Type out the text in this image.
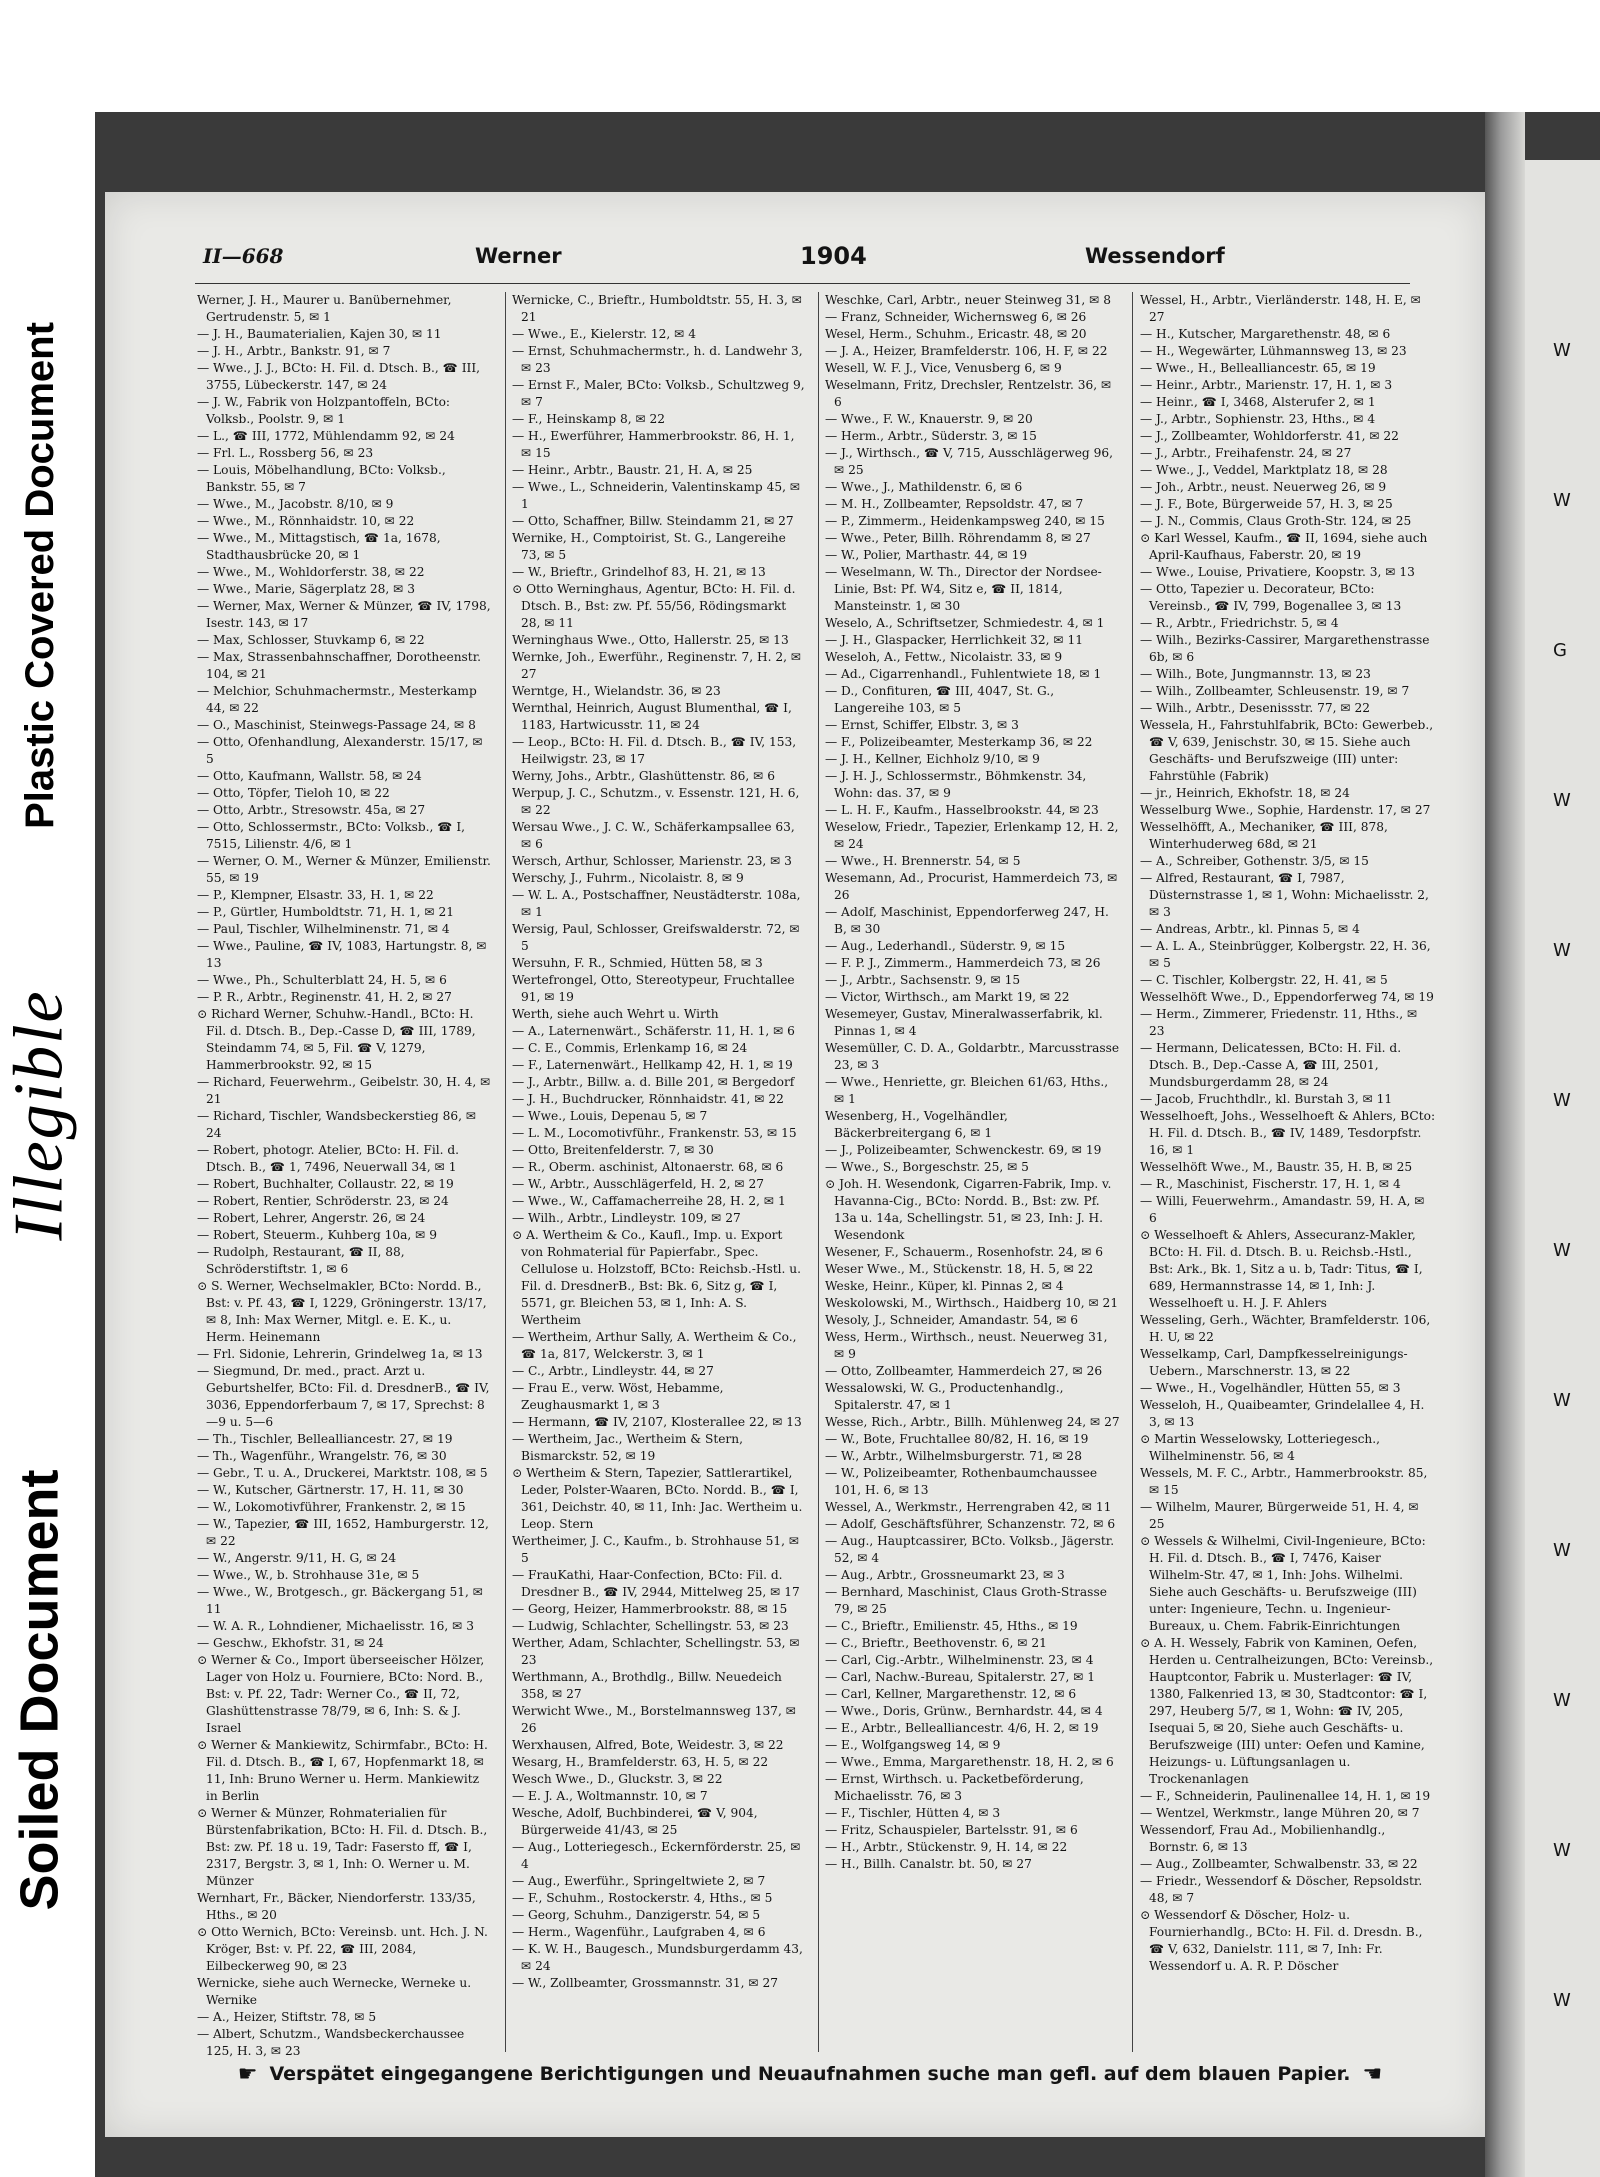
Plastic Covered Document
Illegible
Soiled Document
W
W
G
W
W
W
W
W
W
W
W
W
II—668	Werner	1904	Wessendorf

Werner, J. H., Maurer u. Banübernehmer, Gertrudenstr. 5, ✉ 1

— J. H., Baumaterialien, Kajen 30, ✉ 11

— J. H., Arbtr., Bankstr. 91, ✉ 7

— Wwe., J. J., BCto: H. Fil. d. Dtsch. B., ☎ III, 3755, Lübeckerstr. 147, ✉ 24

— J. W., Fabrik von Holzpantoffeln, BCto: Volksb., Poolstr. 9, ✉ 1

— L., ☎ III, 1772, Mühlendamm 92, ✉ 24

— Frl. L., Rossberg 56, ✉ 23

— Louis, Möbelhandlung, BCto: Volksb., Bankstr. 55, ✉ 7

— Wwe., M., Jacobstr. 8/10, ✉ 9

— Wwe., M., Rönnhaidstr. 10, ✉ 22

— Wwe., M., Mittagstisch, ☎ 1a, 1678, Stadthausbrücke 20, ✉ 1

— Wwe., M., Wohldorferstr. 38, ✉ 22

— Wwe., Marie, Sägerplatz 28, ✉ 3

— Werner, Max, Werner & Münzer, ☎ IV, 1798, Isestr. 143, ✉ 17

— Max, Schlosser, Stuvkamp 6, ✉ 22

— Max, Strassenbahnschaffner, Dorotheenstr. 104, ✉ 21

— Melchior, Schuhmachermstr., Mesterkamp 44, ✉ 22

— O., Maschinist, Steinwegs-Passage 24, ✉ 8

— Otto, Ofenhandlung, Alexanderstr. 15/17, ✉ 5

— Otto, Kaufmann, Wallstr. 58, ✉ 24

— Otto, Töpfer, Tieloh 10, ✉ 22

— Otto, Arbtr., Stresowstr. 45a, ✉ 27

— Otto, Schlossermstr., BCto: Volksb., ☎ I, 7515, Lilienstr. 4/6, ✉ 1

— Werner, O. M., Werner & Münzer, Emilienstr. 55, ✉ 19

— P., Klempner, Elsastr. 33, H. 1, ✉ 22

— P., Gürtler, Humboldtstr. 71, H. 1, ✉ 21

— Paul, Tischler, Wilhelminenstr. 71, ✉ 4

— Wwe., Pauline, ☎ IV, 1083, Hartungstr. 8, ✉ 13

— Wwe., Ph., Schulterblatt 24, H. 5, ✉ 6

— P. R., Arbtr., Reginenstr. 41, H. 2, ✉ 27

⊙ Richard Werner, Schuhw.-Handl., BCto: H. Fil. d. Dtsch. B., Dep.-Casse D, ☎ III, 1789, Steindamm 74, ✉ 5, Fil. ☎ V, 1279, Hammerbrookstr. 92, ✉ 15

— Richard, Feuerwehrm., Geibelstr. 30, H. 4, ✉ 21

— Richard, Tischler, Wandsbeckerstieg 86, ✉ 24

— Robert, photogr. Atelier, BCto: H. Fil. d. Dtsch. B., ☎ 1, 7496, Neuerwall 34, ✉ 1

— Robert, Buchhalter, Collaustr. 22, ✉ 19

— Robert, Rentier, Schröderstr. 23, ✉ 24

— Robert, Lehrer, Angerstr. 26, ✉ 24

— Robert, Steuerm., Kuhberg 10a, ✉ 9

— Rudolph, Restaurant, ☎ II, 88, Schröderstiftstr. 1, ✉ 6

⊙ S. Werner, Wechselmakler, BCto: Nordd. B., Bst: v. Pf. 43, ☎ I, 1229, Gröningerstr. 13/17, ✉ 8, Inh: Max Werner, Mitgl. e. E. K., u. Herm. Heinemann

— Frl. Sidonie, Lehrerin, Grindelweg 1a, ✉ 13

— Siegmund, Dr. med., pract. Arzt u. Geburtshelfer, BCto: Fil. d. DresdnerB., ☎ IV, 3036, Eppendorferbaum 7, ✉ 17, Sprechst: 8—9 u. 5—6

— Th., Tischler, Bellealliancestr. 27, ✉ 19

— Th., Wagenführ., Wrangelstr. 76, ✉ 30

— Gebr., T. u. A., Druckerei, Marktstr. 108, ✉ 5

— W., Kutscher, Gärtnerstr. 17, H. 11, ✉ 30

— W., Lokomotivführer, Frankenstr. 2, ✉ 15

— W., Tapezier, ☎ III, 1652, Hamburgerstr. 12, ✉ 22

— W., Angerstr. 9/11, H. G, ✉ 24

— Wwe., W., b. Strohhause 31e, ✉ 5

— Wwe., W., Brotgesch., gr. Bäckergang 51, ✉ 11

— W. A. R., Lohndiener, Michaelisstr. 16, ✉ 3

— Geschw., Ekhofstr. 31, ✉ 24

⊙ Werner & Co., Import überseeischer Hölzer, Lager von Holz u. Fourniere, BCto: Nord. B., Bst: v. Pf. 22, Tadr: Werner Co., ☎ II, 72, Glashüttenstrasse 78/79, ✉ 6, Inh: S. & J. Israel

⊙ Werner & Mankiewitz, Schirmfabr., BCto: H. Fil. d. Dtsch. B., ☎ I, 67, Hopfenmarkt 18, ✉ 11, Inh: Bruno Werner u. Herm. Mankiewitz in Berlin

⊙ Werner & Münzer, Rohmaterialien für Bürstenfabrikation, BCto: H. Fil. d. Dtsch. B., Bst: zw. Pf. 18 u. 19, Tadr: Fasersto ff, ☎ I, 2317, Bergstr. 3, ✉ 1, Inh: O. Werner u. M. Münzer

Wernhart, Fr., Bäcker, Niendorferstr. 133/35, Hths., ✉ 20

⊙ Otto Wernich, BCto: Vereinsb. unt. Hch. J. N. Kröger, Bst: v. Pf. 22, ☎ III, 2084, Eilbeckerweg 90, ✉ 23

Wernicke, siehe auch Wernecke, Werneke u. Wernike

— A., Heizer, Stiftstr. 78, ✉ 5

— Albert, Schutzm., Wandsbeckerchaussee 125, H. 3, ✉ 23

Wernicke, C., Brieftr., Humboldtstr. 55, H. 3, ✉ 21

— Wwe., E., Kielerstr. 12, ✉ 4

— Ernst, Schuhmachermstr., h. d. Landwehr 3, ✉ 23

— Ernst F., Maler, BCto: Volksb., Schultzweg 9, ✉ 7

— F., Heinskamp 8, ✉ 22

— H., Ewerführer, Hammerbrookstr. 86, H. 1, ✉ 15

— Heinr., Arbtr., Baustr. 21, H. A, ✉ 25

— Wwe., L., Schneiderin, Valentinskamp 45, ✉ 1

— Otto, Schaffner, Billw. Steindamm 21, ✉ 27

Wernike, H., Comptoirist, St. G., Langereihe 73, ✉ 5

— W., Brieftr., Grindelhof 83, H. 21, ✉ 13

⊙ Otto Werninghaus, Agentur, BCto: H. Fil. d. Dtsch. B., Bst: zw. Pf. 55/56, Rödingsmarkt 28, ✉ 11

Werninghaus Wwe., Otto, Hallerstr. 25, ✉ 13

Wernke, Joh., Ewerführ., Reginenstr. 7, H. 2, ✉ 27

Werntge, H., Wielandstr. 36, ✉ 23

Wernthal, Heinrich, August Blumenthal, ☎ I, 1183, Hartwicusstr. 11, ✉ 24

— Leop., BCto: H. Fil. d. Dtsch. B., ☎ IV, 153, Heilwigstr. 23, ✉ 17

Werny, Johs., Arbtr., Glashüttenstr. 86, ✉ 6

Werpup, J. C., Schutzm., v. Essenstr. 121, H. 6, ✉ 22

Wersau Wwe., J. C. W., Schäferkampsallee 63, ✉ 6

Wersch, Arthur, Schlosser, Marienstr. 23, ✉ 3

Werschy, J., Fuhrm., Nicolaistr. 8, ✉ 9

— W. L. A., Postschaffner, Neustädterstr. 108a, ✉ 1

Wersig, Paul, Schlosser, Greifswalderstr. 72, ✉ 5

Wersuhn, F. R., Schmied, Hütten 58, ✉ 3

Wertefrongel, Otto, Stereotypeur, Fruchtallee 91, ✉ 19

Werth, siehe auch Wehrt u. Wirth

— A., Laternenwärt., Schäferstr. 11, H. 1, ✉ 6

— C. E., Commis, Erlenkamp 16, ✉ 24

— F., Laternenwärt., Hellkamp 42, H. 1, ✉ 19

— J., Arbtr., Billw. a. d. Bille 201, ✉ Bergedorf

— J. H., Buchdrucker, Rönnhaidstr. 41, ✉ 22

— Wwe., Louis, Depenau 5, ✉ 7

— L. M., Locomotivführ., Frankenstr. 53, ✉ 15

— Otto, Breitenfelderstr. 7, ✉ 30

— R., Oberm. aschinist, Altonaerstr. 68, ✉ 6

— W., Arbtr., Ausschlägerfeld, H. 2, ✉ 27

— Wwe., W., Caffamacherreihe 28, H. 2, ✉ 1

— Wilh., Arbtr., Lindleystr. 109, ✉ 27

⊙ A. Wertheim & Co., Kaufl., Imp. u. Export von Rohmaterial für Papierfabr., Spec. Cellulose u. Holzstoff, BCto: Reichsb.-Hstl. u. Fil. d. DresdnerB., Bst: Bk. 6, Sitz g, ☎ I, 5571, gr. Bleichen 53, ✉ 1, Inh: A. S. Wertheim

— Wertheim, Arthur Sally, A. Wertheim & Co., ☎ 1a, 817, Welckerstr. 3, ✉ 1

— C., Arbtr., Lindleystr. 44, ✉ 27

— Frau E., verw. Wöst, Hebamme, Zeughausmarkt 1, ✉ 3

— Hermann, ☎ IV, 2107, Klosterallee 22, ✉ 13

— Wertheim, Jac., Wertheim & Stern, Bismarckstr. 52, ✉ 19

⊙ Wertheim & Stern, Tapezier, Sattlerartikel, Leder, Polster-Waaren, BCto. Nordd. B., ☎ I, 361, Deichstr. 40, ✉ 11, Inh: Jac. Wertheim u. Leop. Stern

Wertheimer, J. C., Kaufm., b. Strohhause 51, ✉ 5

— FrauKathi, Haar-Confection, BCto: Fil. d. Dresdner B., ☎ IV, 2944, Mittelweg 25, ✉ 17

— Georg, Heizer, Hammerbrookstr. 88, ✉ 15

— Ludwig, Schlachter, Schellingstr. 53, ✉ 23

Werther, Adam, Schlachter, Schellingstr. 53, ✉ 23

Werthmann, A., Brothdlg., Billw. Neuedeich 358, ✉ 27

Werwicht Wwe., M., Borstelmannsweg 137, ✉ 26

Werxhausen, Alfred, Bote, Weidestr. 3, ✉ 22

Wesarg, H., Bramfelderstr. 63, H. 5, ✉ 22

Wesch Wwe., D., Gluckstr. 3, ✉ 22

— E. J. A., Woltmannstr. 10, ✉ 7

Wesche, Adolf, Buchbinderei, ☎ V, 904, Bürgerweide 41/43, ✉ 25

— Aug., Lotteriegesch., Eckernförderstr. 25, ✉ 4

— Aug., Ewerführ., Springeltwiete 2, ✉ 7

— F., Schuhm., Rostockerstr. 4, Hths., ✉ 5

— Georg, Schuhm., Danzigerstr. 54, ✉ 5

— Herm., Wagenführ., Laufgraben 4, ✉ 6

— K. W. H., Baugesch., Mundsburgerdamm 43, ✉ 24

— W., Zollbeamter, Grossmannstr. 31, ✉ 27

Weschke, Carl, Arbtr., neuer Steinweg 31, ✉ 8

— Franz, Schneider, Wichernsweg 6, ✉ 26

Wesel, Herm., Schuhm., Ericastr. 48, ✉ 20

— J. A., Heizer, Bramfelderstr. 106, H. F, ✉ 22

Wesell, W. F. J., Vice, Venusberg 6, ✉ 9

Weselmann, Fritz, Drechsler, Rentzelstr. 36, ✉ 6

— Wwe., F. W., Knauerstr. 9, ✉ 20

— Herm., Arbtr., Süderstr. 3, ✉ 15

— J., Wirthsch., ☎ V, 715, Ausschlägerweg 96, ✉ 25

— Wwe., J., Mathildenstr. 6, ✉ 6

— M. H., Zollbeamter, Repsoldstr. 47, ✉ 7

— P., Zimmerm., Heidenkampsweg 240, ✉ 15

— Wwe., Peter, Billh. Röhrendamm 8, ✉ 27

— W., Polier, Marthastr. 44, ✉ 19

— Weselmann, W. Th., Director der Nordsee-Linie, Bst: Pf. W4, Sitz e, ☎ II, 1814, Mansteinstr. 1, ✉ 30

Weselo, A., Schriftsetzer, Schmiedestr. 4, ✉ 1

— J. H., Glaspacker, Herrlichkeit 32, ✉ 11

Weseloh, A., Fettw., Nicolaistr. 33, ✉ 9

— Ad., Cigarrenhandl., Fuhlentwiete 18, ✉ 1

— D., Confituren, ☎ III, 4047, St. G., Langereihe 103, ✉ 5

— Ernst, Schiffer, Elbstr. 3, ✉ 3

— F., Polizeibeamter, Mesterkamp 36, ✉ 22

— J. H., Kellner, Eichholz 9/10, ✉ 9

— J. H. J., Schlossermstr., Böhmkenstr. 34, Wohn: das. 37, ✉ 9

— L. H. F., Kaufm., Hasselbrookstr. 44, ✉ 23

Weselow, Friedr., Tapezier, Erlenkamp 12, H. 2, ✉ 24

— Wwe., H. Brennerstr. 54, ✉ 5

Wesemann, Ad., Procurist, Hammerdeich 73, ✉ 26

— Adolf, Maschinist, Eppendorferweg 247, H. B, ✉ 30

— Aug., Lederhandl., Süderstr. 9, ✉ 15

— F. P. J., Zimmerm., Hammerdeich 73, ✉ 26

— J., Arbtr., Sachsenstr. 9, ✉ 15

— Victor, Wirthsch., am Markt 19, ✉ 22

Wesemeyer, Gustav, Mineralwasserfabrik, kl. Pinnas 1, ✉ 4

Wesemüller, C. D. A., Goldarbtr., Marcusstrasse 23, ✉ 3

— Wwe., Henriette, gr. Bleichen 61/63, Hths., ✉ 1

Wesenberg, H., Vogelhändler, Bäckerbreitergang 6, ✉ 1

— J., Polizeibeamter, Schwenckestr. 69, ✉ 19

— Wwe., S., Borgeschstr. 25, ✉ 5

⊙ Joh. H. Wesendonk, Cigarren-Fabrik, Imp. v. Havanna-Cig., BCto: Nordd. B., Bst: zw. Pf. 13a u. 14a, Schellingstr. 51, ✉ 23, Inh: J. H. Wesendonk

Wesener, F., Schauerm., Rosenhofstr. 24, ✉ 6

Weser Wwe., M., Stückenstr. 18, H. 5, ✉ 22

Weske, Heinr., Küper, kl. Pinnas 2, ✉ 4

Weskolowski, M., Wirthsch., Haidberg 10, ✉ 21

Wesoly, J., Schneider, Amandastr. 54, ✉ 6

Wess, Herm., Wirthsch., neust. Neuerweg 31, ✉ 9

— Otto, Zollbeamter, Hammerdeich 27, ✉ 26

Wessalowski, W. G., Productenhandlg., Spitalerstr. 47, ✉ 1

Wesse, Rich., Arbtr., Billh. Mühlenweg 24, ✉ 27

— W., Bote, Fruchtallee 80/82, H. 16, ✉ 19

— W., Arbtr., Wilhelmsburgerstr. 71, ✉ 28

— W., Polizeibeamter, Rothenbaumchaussee 101, H. 6, ✉ 13

Wessel, A., Werkmstr., Herrengraben 42, ✉ 11

— Adolf, Geschäftsführer, Schanzenstr. 72, ✉ 6

— Aug., Hauptcassirer, BCto. Volksb., Jägerstr. 52, ✉ 4

— Aug., Arbtr., Grossneumarkt 23, ✉ 3

— Bernhard, Maschinist, Claus Groth-Strasse 79, ✉ 25

— C., Brieftr., Emilienstr. 45, Hths., ✉ 19

— C., Brieftr., Beethovenstr. 6, ✉ 21

— Carl, Cig.-Arbtr., Wilhelminenstr. 23, ✉ 4

— Carl, Nachw.-Bureau, Spitalerstr. 27, ✉ 1

— Carl, Kellner, Margarethenstr. 12, ✉ 6

— Wwe., Doris, Grünw., Bernhardstr. 44, ✉ 4

— E., Arbtr., Bellealliancestr. 4/6, H. 2, ✉ 19

— E., Wolfgangsweg 14, ✉ 9

— Wwe., Emma, Margarethenstr. 18, H. 2, ✉ 6

— Ernst, Wirthsch. u. Packetbeförderung, Michaelisstr. 76, ✉ 3

— F., Tischler, Hütten 4, ✉ 3

— Fritz, Schauspieler, Bartelsstr. 91, ✉ 6

— H., Arbtr., Stückenstr. 9, H. 14, ✉ 22

— H., Billh. Canalstr. bt. 50, ✉ 27

Wessel, H., Arbtr., Vierländerstr. 148, H. E, ✉ 27

— H., Kutscher, Margarethenstr. 48, ✉ 6

— H., Wegewärter, Lühmannsweg 13, ✉ 23

— Wwe., H., Bellealliancestr. 65, ✉ 19

— Heinr., Arbtr., Marienstr. 17, H. 1, ✉ 3

— Heinr., ☎ I, 3468, Alsterufer 2, ✉ 1

— J., Arbtr., Sophienstr. 23, Hths., ✉ 4

— J., Zollbeamter, Wohldorferstr. 41, ✉ 22

— J., Arbtr., Freihafenstr. 24, ✉ 27

— Wwe., J., Veddel, Marktplatz 18, ✉ 28

— Joh., Arbtr., neust. Neuerweg 26, ✉ 9

— J. F., Bote, Bürgerweide 57, H. 3, ✉ 25

— J. N., Commis, Claus Groth-Str. 124, ✉ 25

⊙ Karl Wessel, Kaufm., ☎ II, 1694, siehe auch April-Kaufhaus, Faberstr. 20, ✉ 19

— Wwe., Louise, Privatiere, Koopstr. 3, ✉ 13

— Otto, Tapezier u. Decorateur, BCto: Vereinsb., ☎ IV, 799, Bogenallee 3, ✉ 13

— R., Arbtr., Friedrichstr. 5, ✉ 4

— Wilh., Bezirks-Cassirer, Margarethenstrasse 6b, ✉ 6

— Wilh., Bote, Jungmannstr. 13, ✉ 23

— Wilh., Zollbeamter, Schleusenstr. 19, ✉ 7

— Wilh., Arbtr., Desenissstr. 77, ✉ 22

Wessela, H., Fahrstuhlfabrik, BCto: Gewerbeb., ☎ V, 639, Jenischstr. 30, ✉ 15. Siehe auch Geschäfts- und Berufszweige (III) unter: Fahrstühle (Fabrik)

— jr., Heinrich, Ekhofstr. 18, ✉ 24

Wesselburg Wwe., Sophie, Hardenstr. 17, ✉ 27

Wesselhöfft, A., Mechaniker, ☎ III, 878, Winterhuderweg 68d, ✉ 21

— A., Schreiber, Gothenstr. 3/5, ✉ 15

— Alfred, Restaurant, ☎ I, 7987, Düsternstrasse 1, ✉ 1, Wohn: Michaelisstr. 2, ✉ 3

— Andreas, Arbtr., kl. Pinnas 5, ✉ 4

— A. L. A., Steinbrügger, Kolbergstr. 22, H. 36, ✉ 5

— C. Tischler, Kolbergstr. 22, H. 41, ✉ 5

Wesselhöft Wwe., D., Eppendorferweg 74, ✉ 19

— Herm., Zimmerer, Friedenstr. 11, Hths., ✉ 23

— Hermann, Delicatessen, BCto: H. Fil. d. Dtsch. B., Dep.-Casse A, ☎ III, 2501, Mundsburgerdamm 28, ✉ 24

— Jacob, Fruchthdlr., kl. Burstah 3, ✉ 11

Wesselhoeft, Johs., Wesselhoeft & Ahlers, BCto: H. Fil. d. Dtsch. B., ☎ IV, 1489, Tesdorpfstr. 16, ✉ 1

Wesselhöft Wwe., M., Baustr. 35, H. B, ✉ 25

— R., Maschinist, Fischerstr. 17, H. 1, ✉ 4

— Willi, Feuerwehrm., Amandastr. 59, H. A, ✉ 6

⊙ Wesselhoeft & Ahlers, Assecuranz-Makler, BCto: H. Fil. d. Dtsch. B. u. Reichsb.-Hstl., Bst: Ark., Bk. 1, Sitz a u. b, Tadr: Titus, ☎ I, 689, Hermannstrasse 14, ✉ 1, Inh: J. Wesselhoeft u. H. J. F. Ahlers

Wesseling, Gerh., Wächter, Bramfelderstr. 106, H. U, ✉ 22

Wesselkamp, Carl, Dampfkesselreinigungs-Uebern., Marschnerstr. 13, ✉ 22

— Wwe., H., Vogelhändler, Hütten 55, ✉ 3

Wesseloh, H., Quaibeamter, Grindelallee 4, H. 3, ✉ 13

⊙ Martin Wesselowsky, Lotteriegesch., Wilhelminenstr. 56, ✉ 4

Wessels, M. F. C., Arbtr., Hammerbrookstr. 85, ✉ 15

— Wilhelm, Maurer, Bürgerweide 51, H. 4, ✉ 25

⊙ Wessels & Wilhelmi, Civil-Ingenieure, BCto: H. Fil. d. Dtsch. B., ☎ I, 7476, Kaiser Wilhelm-Str. 47, ✉ 1, Inh: Johs. Wilhelmi. Siehe auch Geschäfts- u. Berufszweige (III) unter: Ingenieure, Techn. u. Ingenieur-Bureaux, u. Chem. Fabrik-Einrichtungen

⊙ A. H. Wessely, Fabrik von Kaminen, Oefen, Herden u. Centralheizungen, BCto: Vereinsb., Hauptcontor, Fabrik u. Musterlager: ☎ IV, 1380, Falkenried 13, ✉ 30, Stadtcontor: ☎ I, 297, Heuberg 5/7, ✉ 1, Wohn: ☎ IV, 205, Isequai 5, ✉ 20, Siehe auch Geschäfts- u. Berufszweige (III) unter: Oefen und Kamine, Heizungs- u. Lüftungsanlagen u. Trockenanlagen

— F., Schneiderin, Paulinenallee 14, H. 1, ✉ 19

— Wentzel, Werkmstr., lange Mühren 20, ✉ 7

Wessendorf, Frau Ad., Mobilienhandlg., Bornstr. 6, ✉ 13

— Aug., Zollbeamter, Schwalbenstr. 33, ✉ 22

— Friedr., Wessendorf & Döscher, Repsoldstr. 48, ✉ 7

⊙ Wessendorf & Döscher, Holz- u. Fournierhandlg., BCto: H. Fil. d. Dresdn. B., ☎ V, 632, Danielstr. 111, ✉ 7, Inh: Fr. Wessendorf u. A. R. P. Döscher

☛ Verspätet eingegangene Berichtigungen und Neuaufnahmen suche man gefl. auf dem blauen Papier. ☚
